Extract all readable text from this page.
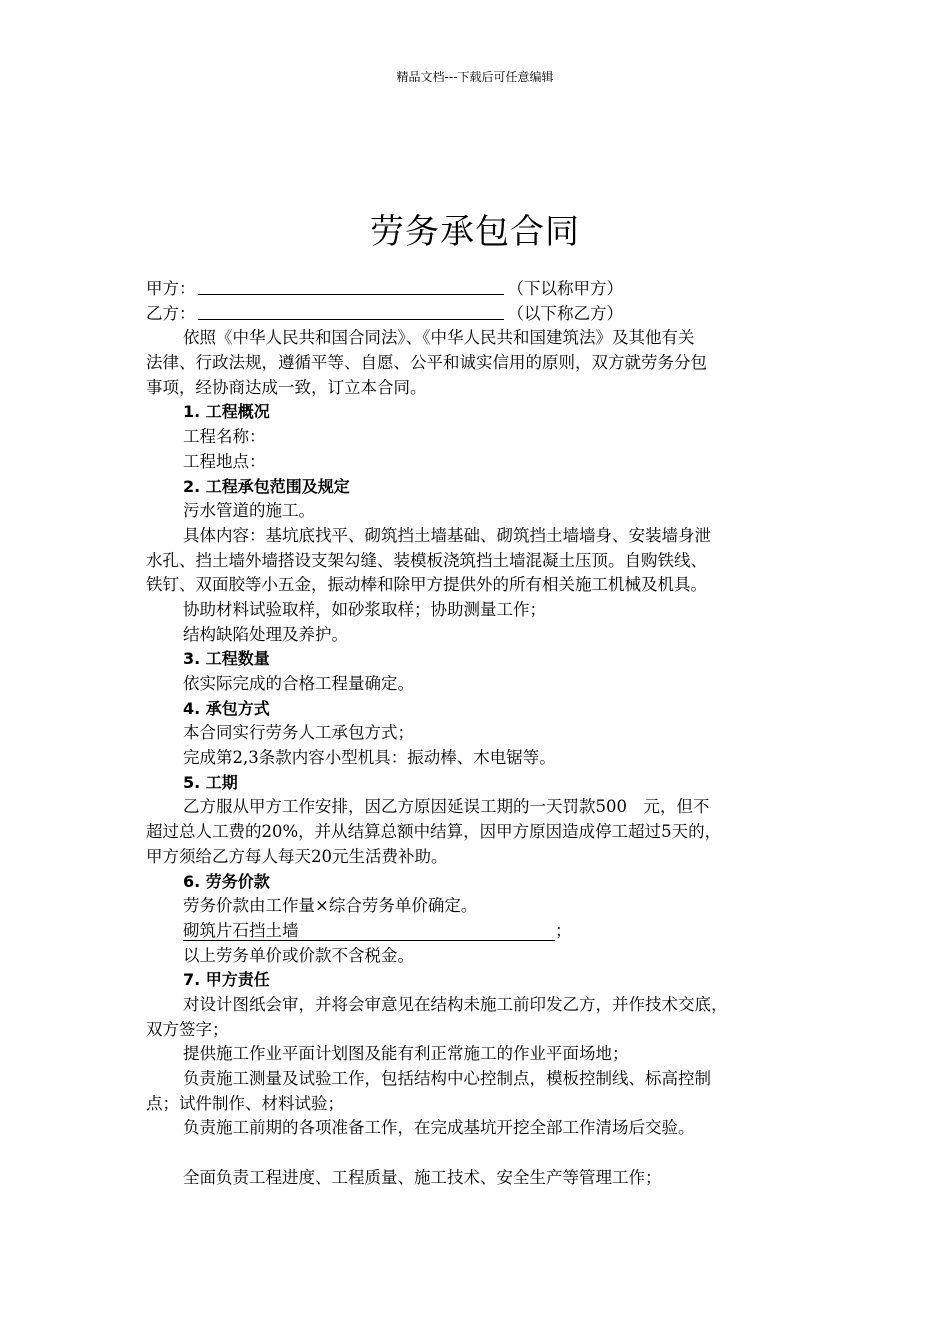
精品文档---下载后可任意编辑
劳务承包合同
甲方：	（下以称甲方）
乙方：	（以下称乙方）
依照《中华人民共和国合同法》、《中华人民共和国建筑法》及其他有关
法律、行政法规，遵循平等、自愿、公平和诚实信用的原则，双方就劳务分包
事项，经协商达成一致，订立本合同。
1. 工程概况
工程名称：
工程地点：
2. 工程承包范围及规定
污水管道的施工。
具体内容：基坑底找平、砌筑挡土墙基础、砌筑挡土墙墙身、安装墙身泄
水孔、挡土墙外墙搭设支架勾缝、装模板浇筑挡土墙混凝土压顶。自购铁线、
铁钉、双面胶等小五金，振动棒和除甲方提供外的所有相关施工机械及机具。
协助材料试验取样，如砂浆取样；协助测量工作；
结构缺陷处理及养护。
3. 工程数量
依实际完成的合格工程量确定。
4. 承包方式
本合同实行劳务人工承包方式；
完成第2,3条款内容小型机具：振动棒、木电锯等。
5. 工期
乙方服从甲方工作安排，因乙方原因延误工期的一天罚款500　元，但不
超过总人工费的20%，并从结算总额中结算，因甲方原因造成停工超过5天的，
甲方须给乙方每人每天20元生活费补助。
6. 劳务价款
劳务价款由工作量×综合劳务单价确定。
砌筑片石挡土墙	；
以上劳务单价或价款不含税金。
7. 甲方责任
对设计图纸会审，并将会审意见在结构未施工前印发乙方，并作技术交底，
双方签字；
提供施工作业平面计划图及能有利正常施工的作业平面场地；
负责施工测量及试验工作，包括结构中心控制点，模板控制线、标高控制
点；试件制作、材料试验；
负责施工前期的各项准备工作，在完成基坑开挖全部工作清场后交验。
全面负责工程进度、工程质量、施工技术、安全生产等管理工作；
